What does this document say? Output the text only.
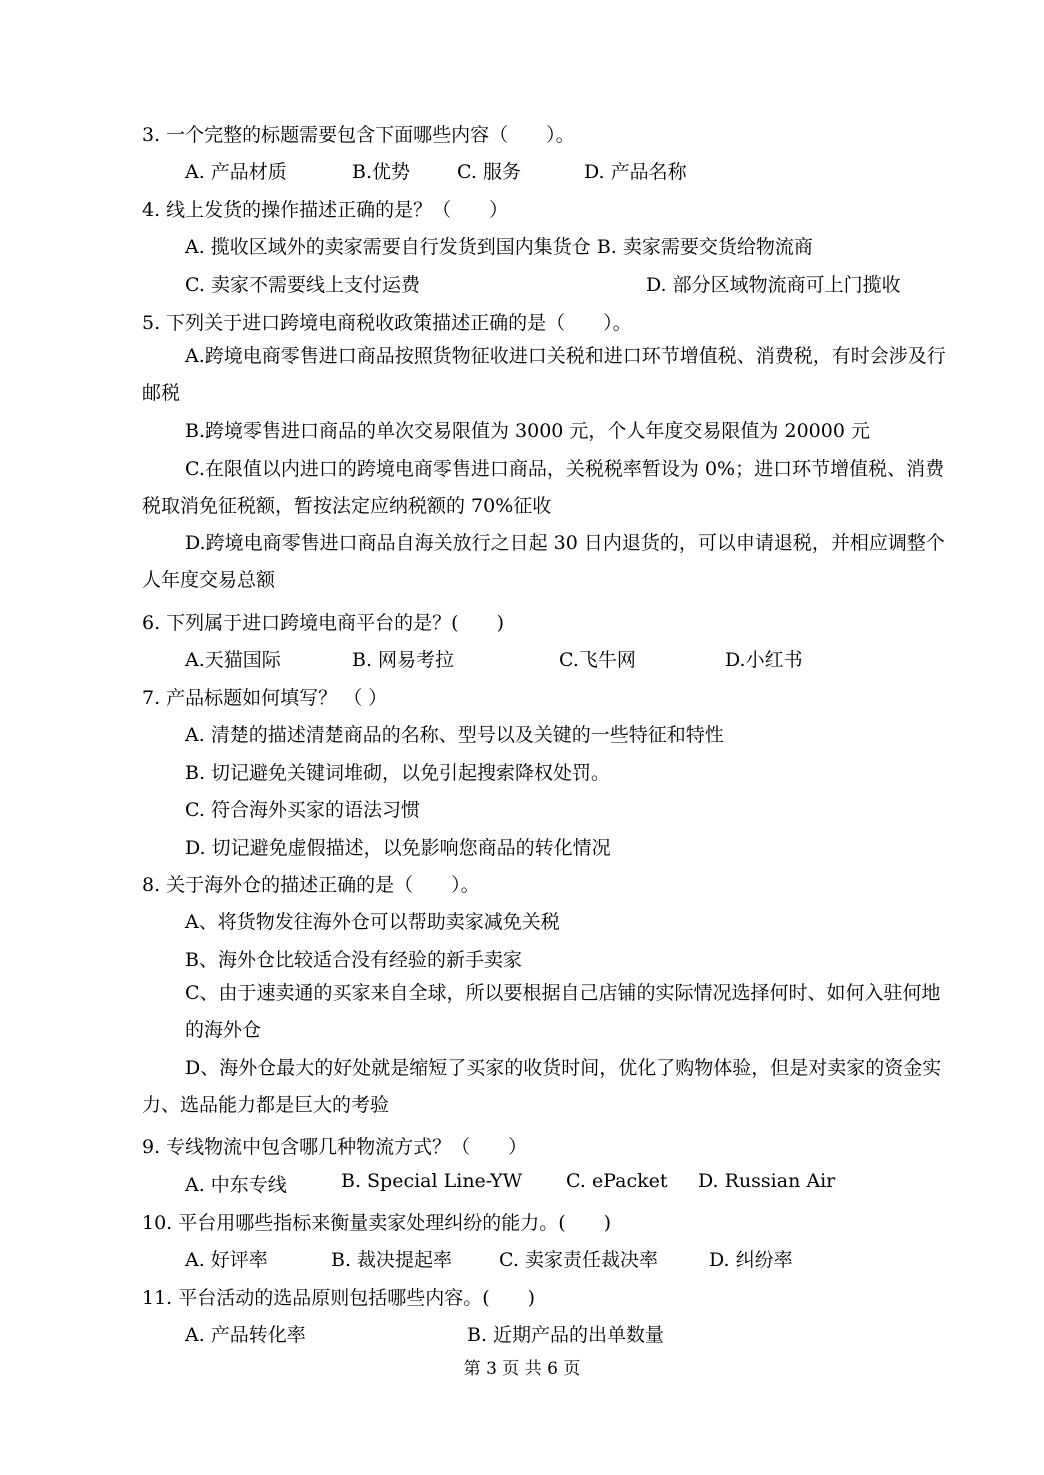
3. 一个完整的标题需要包含下面哪些内容（　　）。
A. 产品材质	B.优势 C. 服务	D. 产品名称
4. 线上发货的操作描述正确的是？（　　）
A. 揽收区域外的卖家需要自行发货到国内集货仓 B. 卖家需要交货给物流商
C. 卖家不需要线上支付运费	D. 部分区域物流商可上门揽收
5. 下列关于进口跨境电商税收政策描述正确的是（　　）。
A.跨境电商零售进口商品按照货物征收进口关税和进口环节增值税、消费税，有时会涉及行邮税
B.跨境零售进口商品的单次交易限值为 3000 元，个人年度交易限值为 20000 元
C.在限值以内进口的跨境电商零售进口商品，关税税率暂设为 0%；进口环节增值税、消费税取消免征税额，暂按法定应纳税额的 70%征收
D.跨境电商零售进口商品自海关放行之日起 30 日内退货的，可以申请退税，并相应调整个人年度交易总额
6. 下列属于进口跨境电商平台的是？(　　)
A.天猫国际	B. 网易考拉	C.飞牛网	D.小红书
7. 产品标题如何填写？ （ ）
A. 清楚的描述清楚商品的名称、型号以及关键的一些特征和特性
B. 切记避免关键词堆砌，以免引起搜索降权处罚。
C. 符合海外买家的语法习惯
D. 切记避免虚假描述，以免影响您商品的转化情况
8. 关于海外仓的描述正确的是（　　）。
A、将货物发往海外仓可以帮助卖家减免关税
B、海外仓比较适合没有经验的新手卖家
C、由于速卖通的买家来自全球，所以要根据自己店铺的实际情况选择何时、如何入驻何地的海外仓
D、海外仓最大的好处就是缩短了买家的收货时间，优化了购物体验，但是对卖家的资金实力、选品能力都是巨大的考验
9. 专线物流中包含哪几种物流方式？（　　）
A. 中东专线	B. Special Line-YW C. ePacket D. Russian Air
10. 平台用哪些指标来衡量卖家处理纠纷的能力。(　　)
A. 好评率	B. 裁决提起率 C. 卖家责任裁决率	D. 纠纷率
11. 平台活动的选品原则包括哪些内容。(　　)
A. 产品转化率	B. 近期产品的出单数量
第 3 页 共 6 页
